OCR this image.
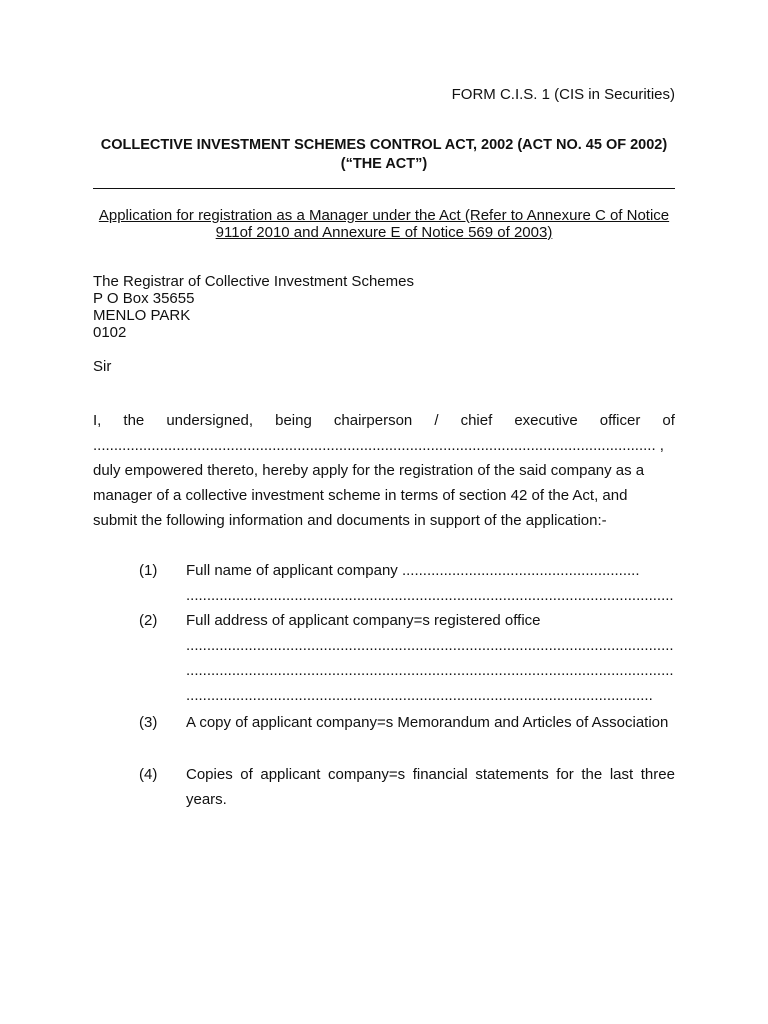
FORM C.I.S. 1 (CIS in Securities)
COLLECTIVE INVESTMENT SCHEMES CONTROL ACT, 2002 (ACT NO. 45 OF 2002) (“THE ACT”)
Application for registration as a Manager under the Act (Refer to Annexure C of Notice 911of 2010 and Annexure E of Notice 569 of 2003)
The Registrar of Collective Investment Schemes
P O Box 35655
MENLO PARK
0102
Sir
I, the undersigned, being chairperson / chief executive officer of
....................................................................................................................................... ,
duly empowered thereto, hereby apply for the registration of the said company as a
manager of a collective investment scheme in terms of section 42 of the Act, and
submit the following information and documents in support of the application:-
(1) Full name of applicant company .........................................................
.....................................................................................................................
(2) Full address of applicant company=s registered office
.....................................................................................................................
.....................................................................................................................
................................................................................................................
(3) A copy of applicant company=s Memorandum and Articles of Association
(4) Copies of applicant company=s financial statements for the last three
years.
